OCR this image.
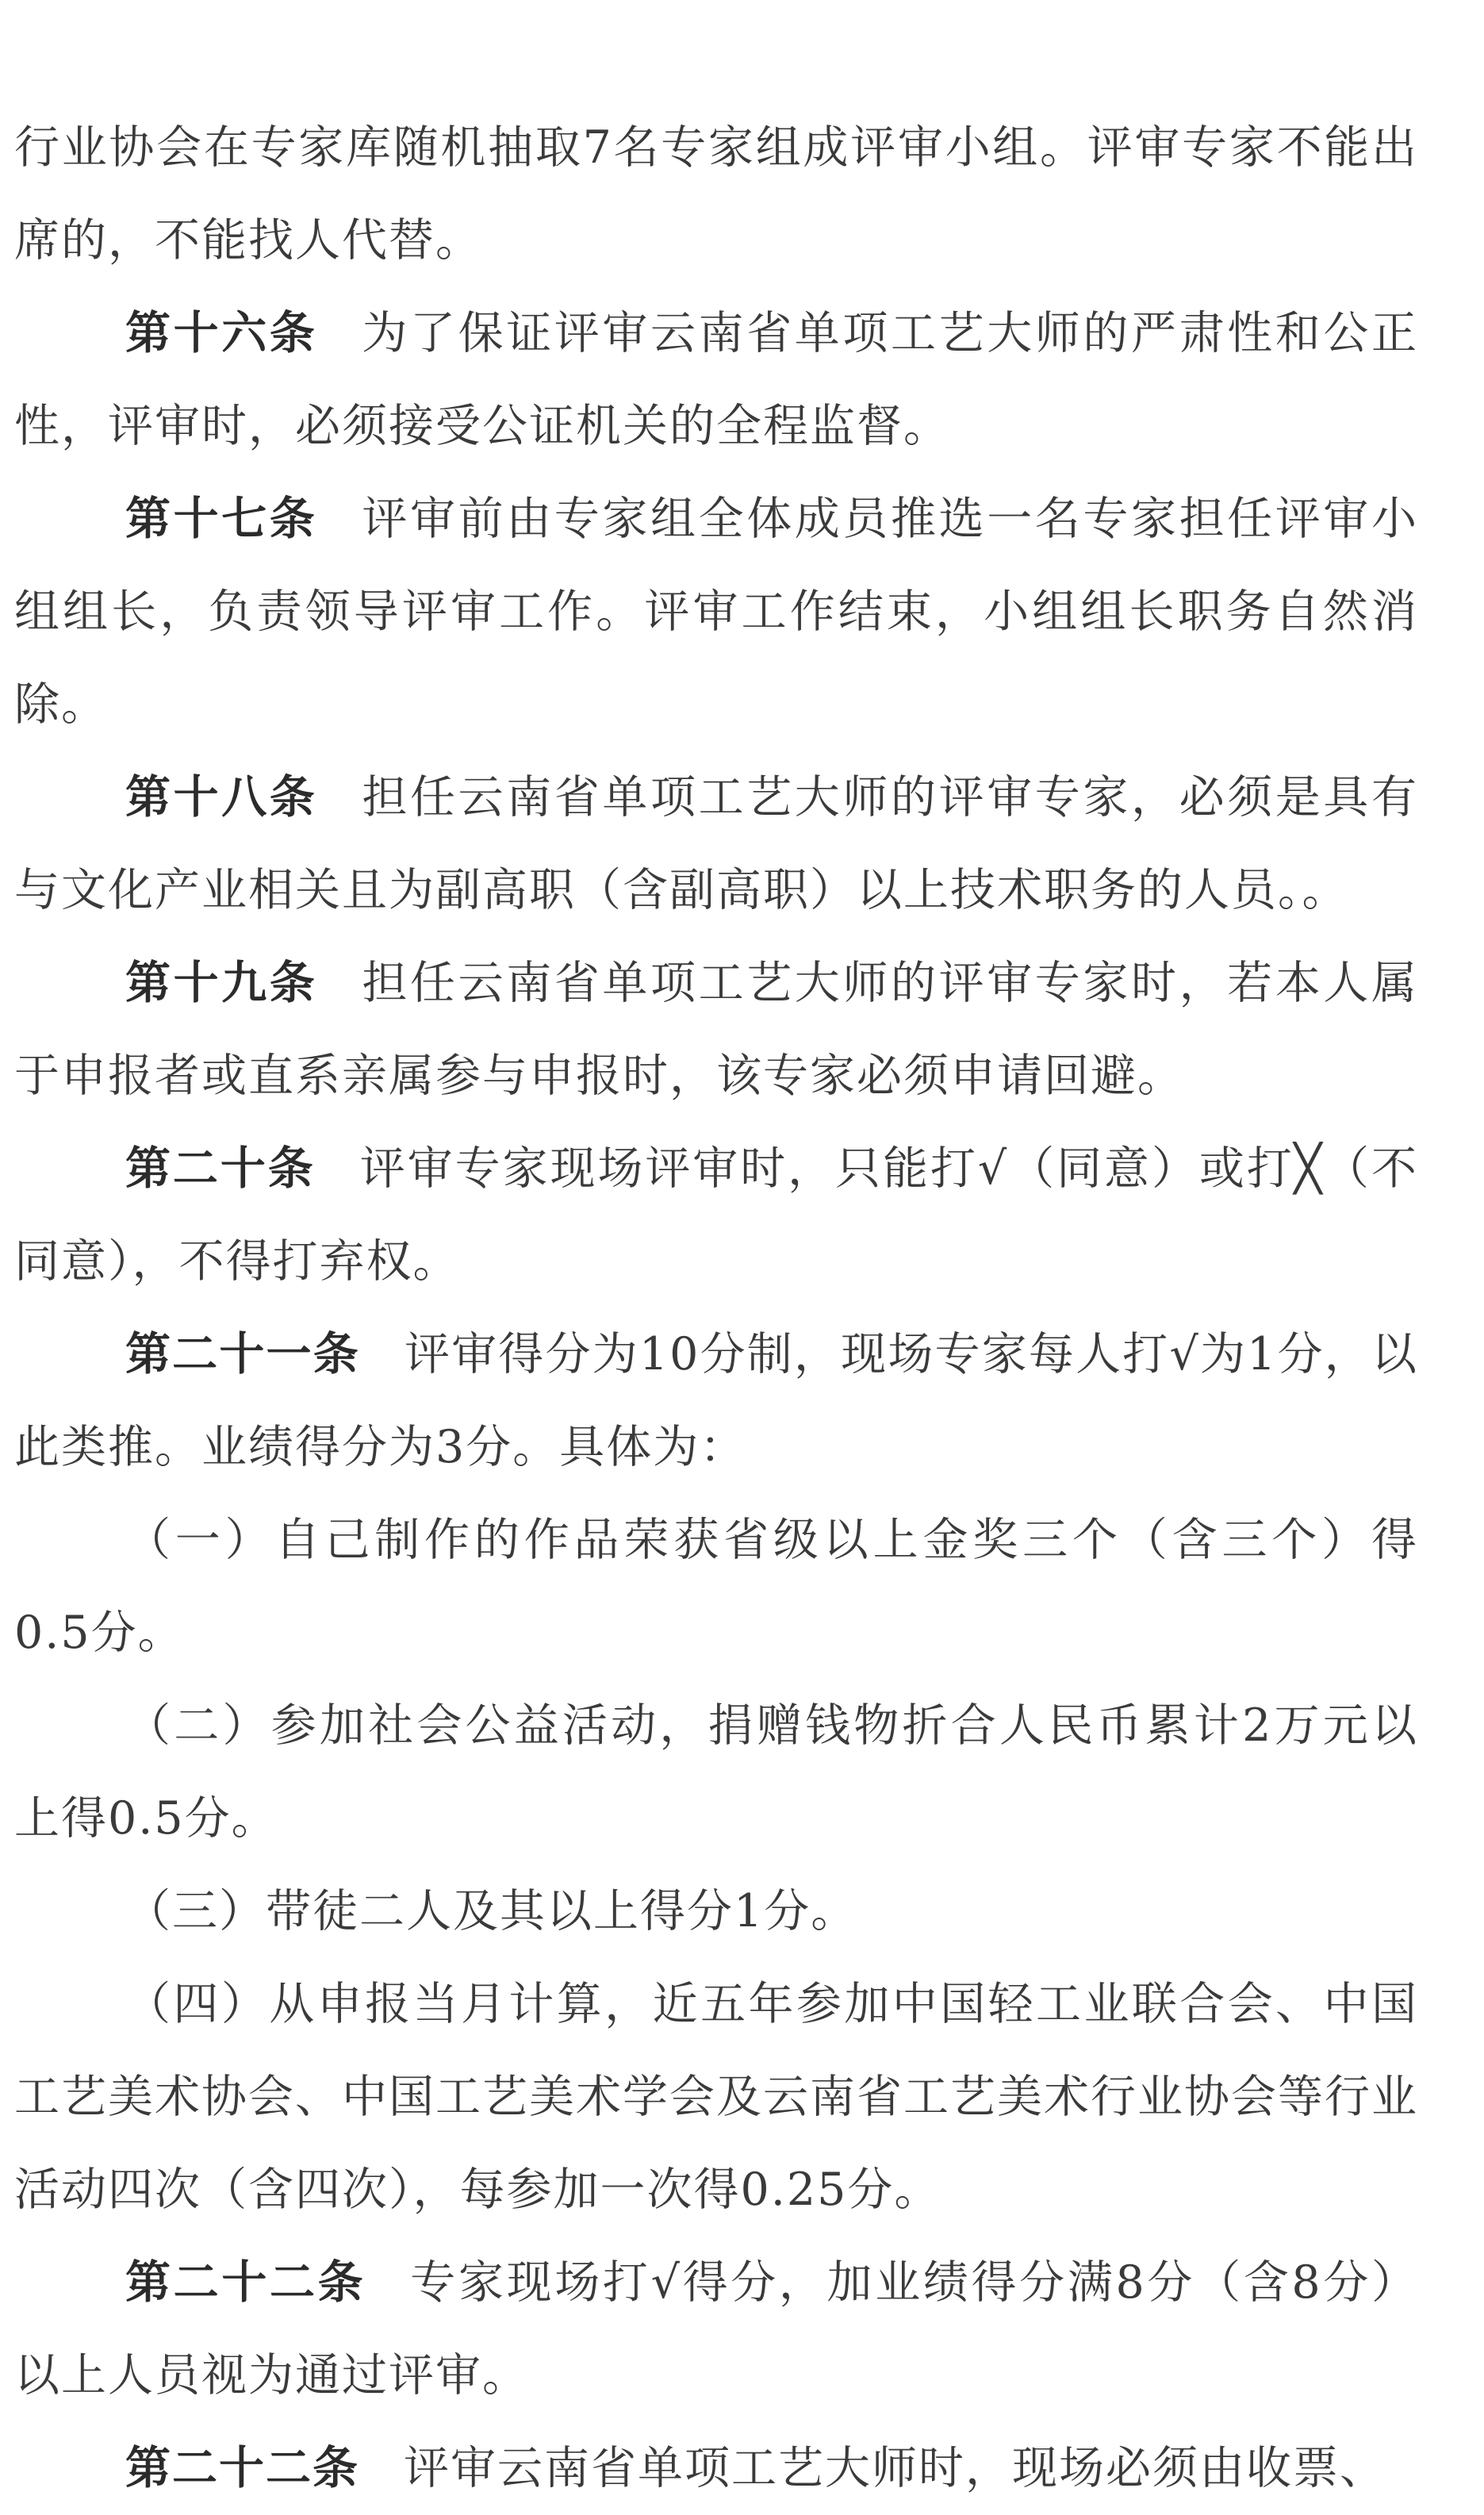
行业协会在专家库随机抽取7名专家组成评审小组。评审专家不能出席的，不能找人代替。

第十六条 为了保证评审云南省单项工艺大师的严肃性和公正性，评审时，必须接受公证机关的全程监督。

第十七条 评审前由专家组全体成员推选一名专家担任评审小组组长，负责领导评审工作。评审工作结束，小组组长职务自然消除。

第十八条 担任云南省单项工艺大师的评审专家，必须是具有与文化产业相关且为副高职（含副高职）以上技术职务的人员。。

第十九条 担任云南省单项工艺大师的评审专家时，若本人属于申报者或直系亲属参与申报时，该专家必须申请回避。

第二十条 评审专家现场评审时，只能打√（同意）或打╳（不同意），不得打弃权。

第二十一条 评审得分为10分制，现场专家每人打√为1分，以此类推。业绩得分为3分。具体为：

（一）自己制作的作品荣获省级以上金奖三个（含三个）得0.5分。

（二）参加社会公益活动，捐赠钱物折合人民币累计2万元以上得0.5分。

（三）带徒二人及其以上得分1分。

（四）从申报当月计算，近五年参加中国轻工业联合会、中国工艺美术协会、中国工艺美术学会及云南省工艺美术行业协会等行业活动四次（含四次），每参加一次得0.25分。

第二十二条 专家现场打√得分，加业绩得分满8分（含8分）以上人员视为通过评审。

第二十二条 评审云南省单项工艺大师时，现场必须由收票、
